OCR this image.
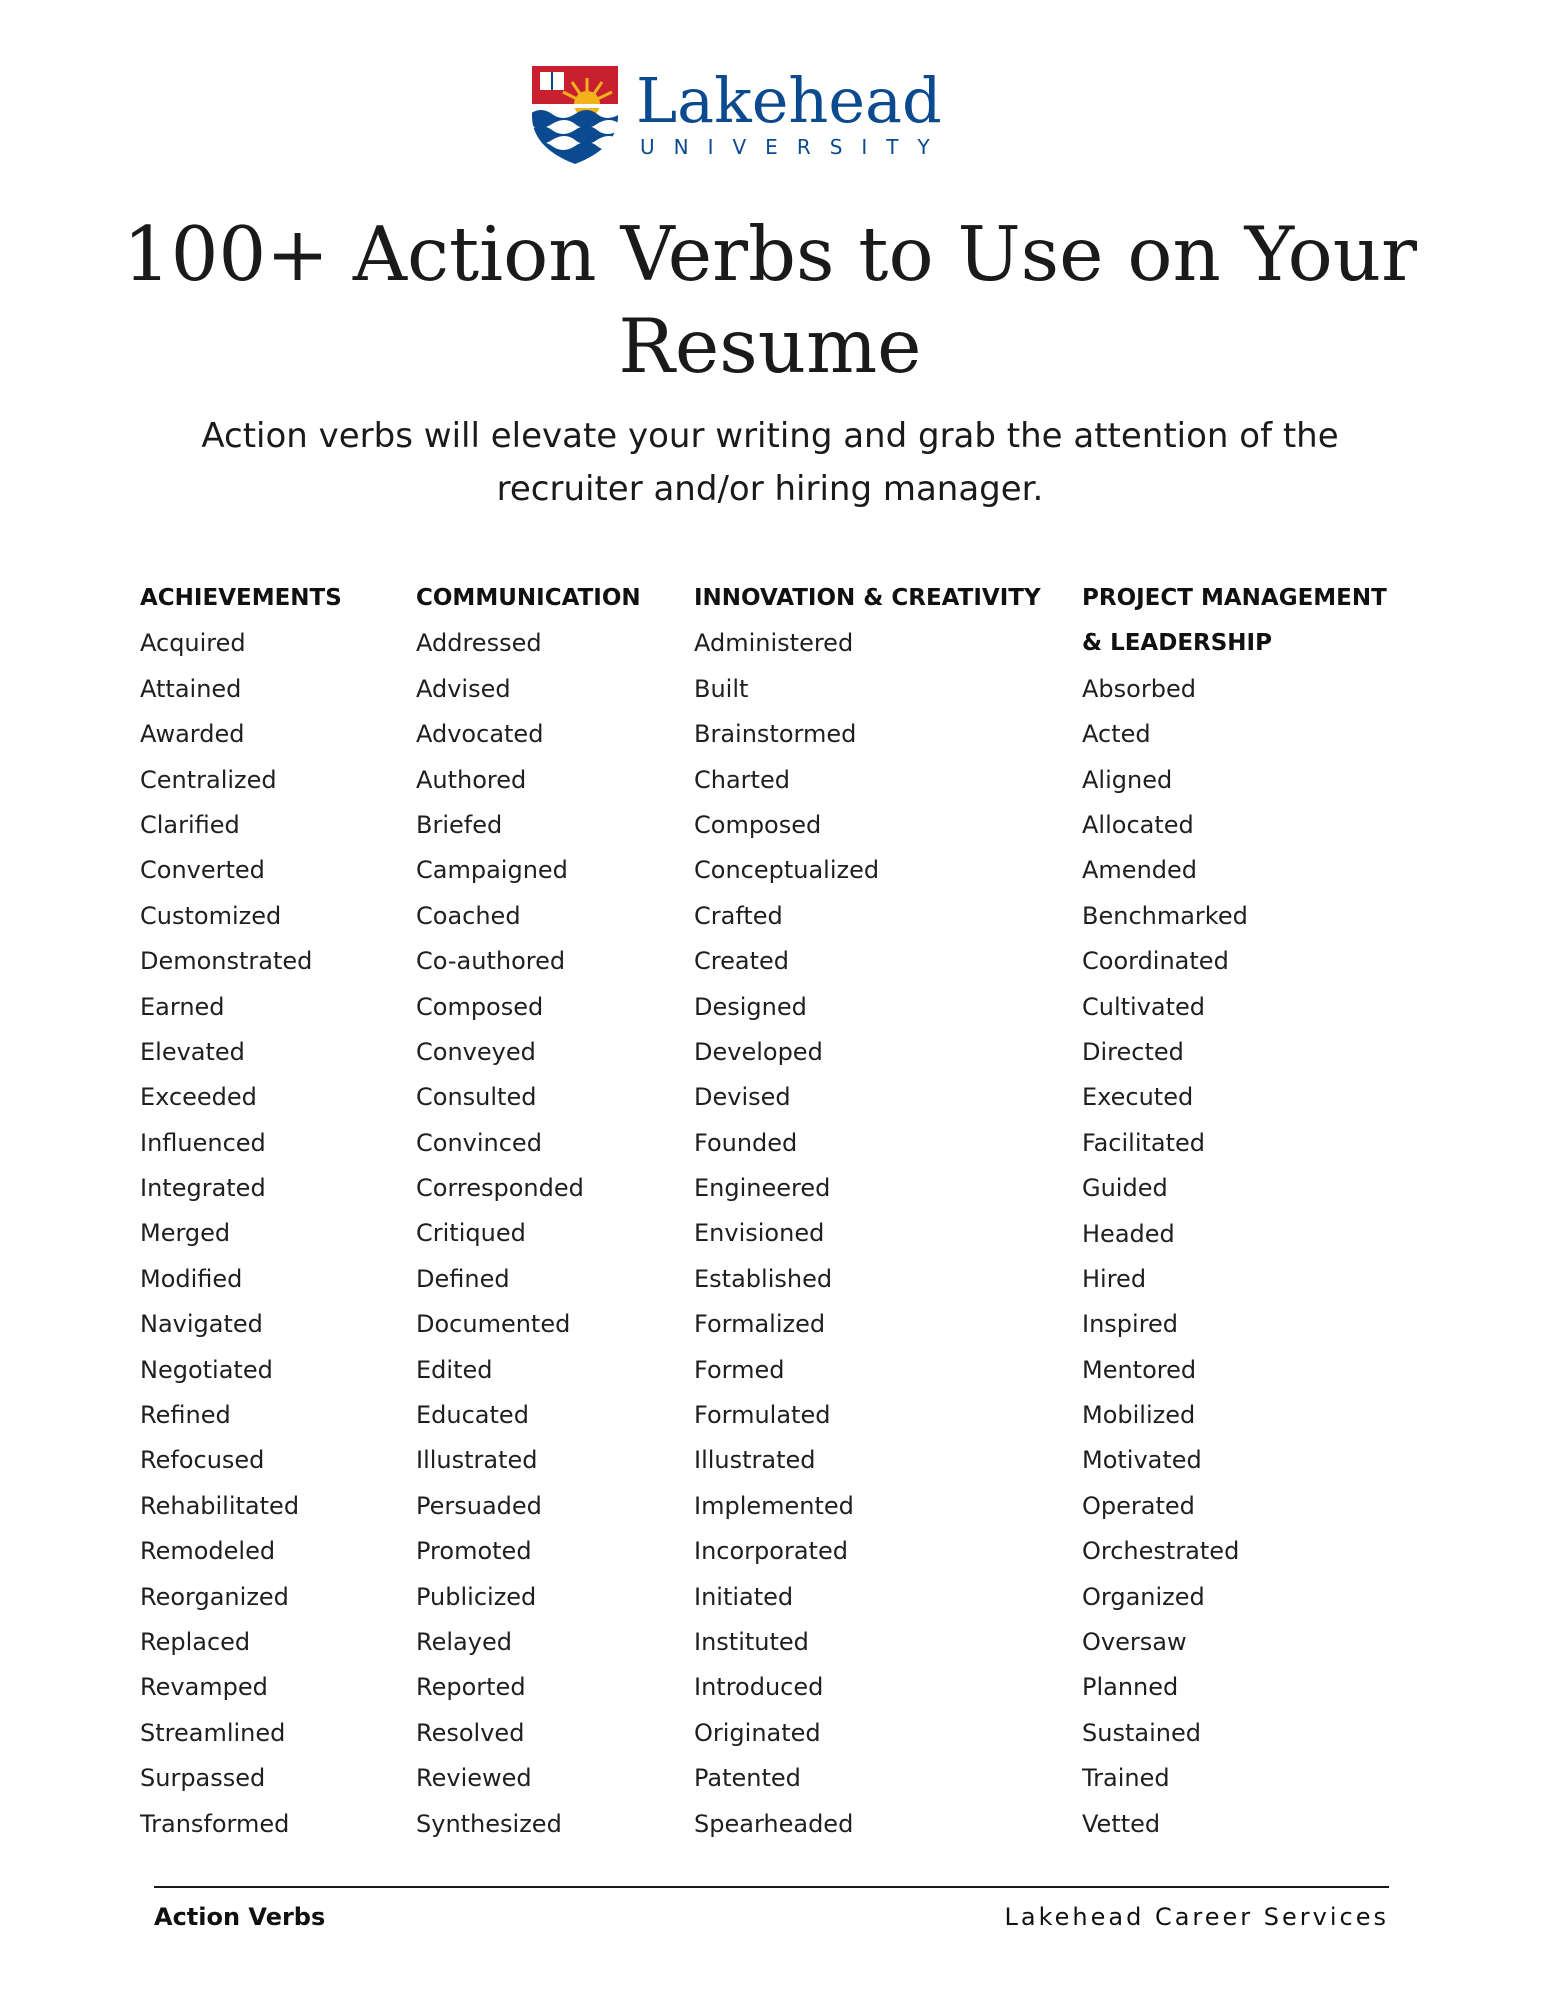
Lakehead
UNIVERSITY
100+ Action Verbs to Use on Your Resume

Action verbs will elevate your writing and grab the attention of the recruiter and/or hiring manager.

ACHIEVEMENTS
Acquired
Attained
Awarded
Centralized
Clarified
Converted
Customized
Demonstrated
Earned
Elevated
Exceeded
Influenced
Integrated
Merged
Modified
Navigated
Negotiated
Refined
Refocused
Rehabilitated
Remodeled
Reorganized
Replaced
Revamped
Streamlined
Surpassed
Transformed
COMMUNICATION
Addressed
Advised
Advocated
Authored
Briefed
Campaigned
Coached
Co-authored
Composed
Conveyed
Consulted
Convinced
Corresponded
Critiqued
Defined
Documented
Edited
Educated
Illustrated
Persuaded
Promoted
Publicized
Relayed
Reported
Resolved
Reviewed
Synthesized
INNOVATION & CREATIVITY
Administered
Built
Brainstormed
Charted
Composed
Conceptualized
Crafted
Created
Designed
Developed
Devised
Founded
Engineered
Envisioned
Established
Formalized
Formed
Formulated
Illustrated
Implemented
Incorporated
Initiated
Instituted
Introduced
Originated
Patented
Spearheaded
PROJECT MANAGEMENT
& LEADERSHIP
Absorbed
Acted
Aligned
Allocated
Amended
Benchmarked
Coordinated
Cultivated
Directed
Executed
Facilitated
Guided
Headed
Hired
Inspired
Mentored
Mobilized
Motivated
Operated
Orchestrated
Organized
Oversaw
Planned
Sustained
Trained
Vetted
Action Verbs	Lakehead Career Services
